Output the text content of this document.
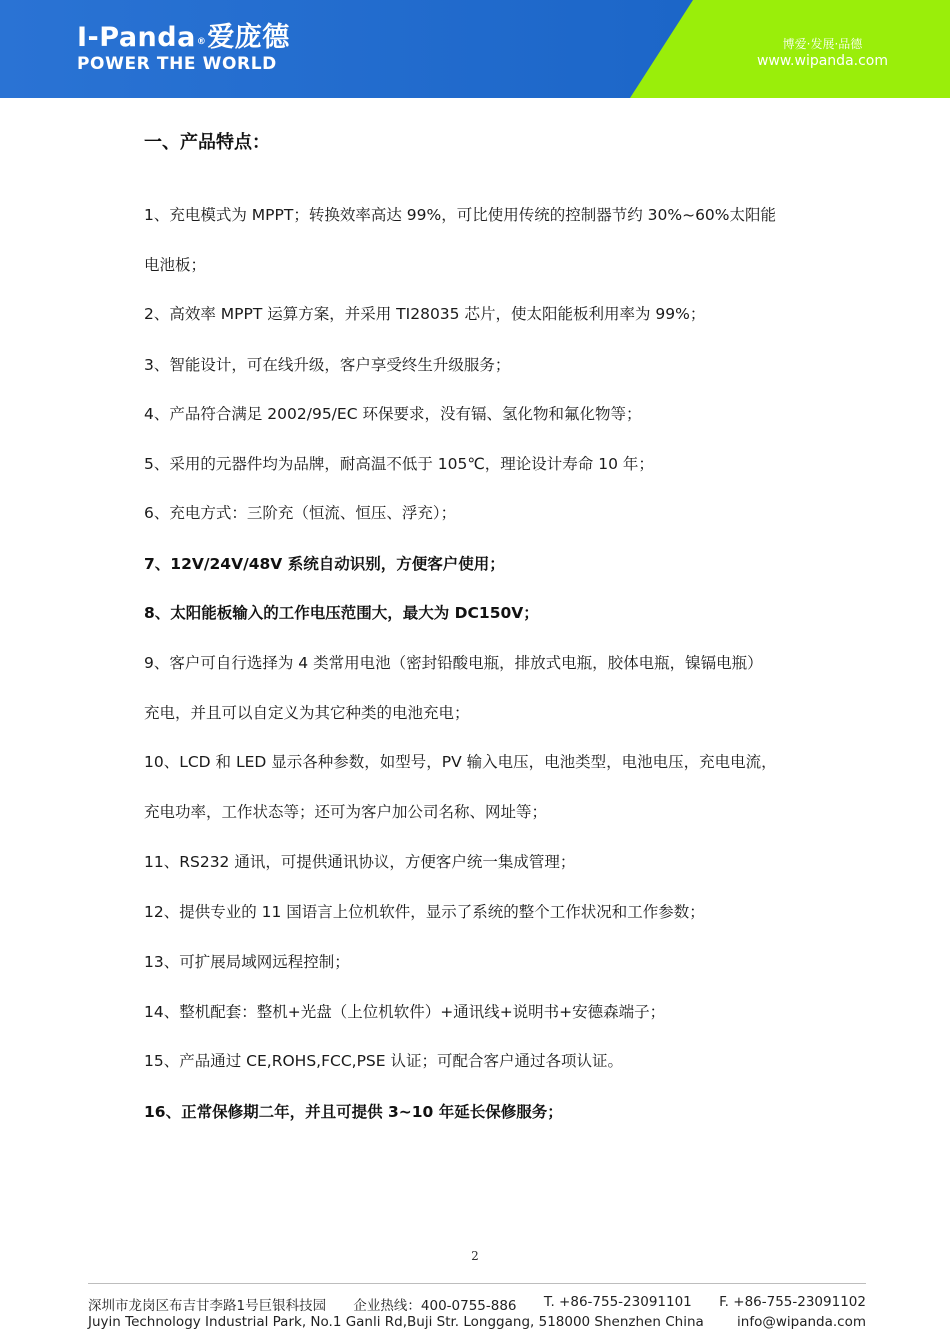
I-Panda®爱庞德
POWER THE WORLD
博爱·发展·品德
www.wipanda.com
一、产品特点：
1、充电模式为 MPPT；转换效率高达 99%，可比使用传统的控制器节约 30%~60%太阳能
电池板；
2、高效率 MPPT 运算方案，并采用 TI28035 芯片，使太阳能板利用率为 99%；
3、智能设计，可在线升级，客户享受终生升级服务；
4、产品符合满足 2002/95/EC 环保要求，没有镉、氢化物和氟化物等；
5、采用的元器件均为品牌，耐高温不低于 105℃，理论设计寿命 10 年；
6、充电方式：三阶充（恒流、恒压、浮充）；
7、12V/24V/48V 系统自动识别，方便客户使用；
8、太阳能板输入的工作电压范围大，最大为 DC150V；
9、客户可自行选择为 4 类常用电池（密封铅酸电瓶，排放式电瓶，胶体电瓶，镍镉电瓶）
充电，并且可以自定义为其它种类的电池充电；
10、LCD 和 LED 显示各种参数，如型号，PV 输入电压，电池类型，电池电压，充电电流，
充电功率，工作状态等；还可为客户加公司名称、网址等；
11、RS232 通讯，可提供通讯协议，方便客户统一集成管理；
12、提供专业的 11 国语言上位机软件，显示了系统的整个工作状况和工作参数；
13、可扩展局域网远程控制；
14、整机配套：整机+光盘（上位机软件）+通讯线+说明书+安德森端子；
15、产品通过 CE,ROHS,FCC,PSE 认证；可配合客户通过各项认证。
16、正常保修期二年，并且可提供 3~10 年延长保修服务；
2
深圳市龙岗区布吉甘李路1号巨银科技园 企业热线：400-0755-886 T. +86-755-23091101 F. +86-755-23091102
Juyin Technology Industrial Park, No.1 Ganli Rd,Buji Str. Longgang, 518000 Shenzhen China info@wipanda.com
